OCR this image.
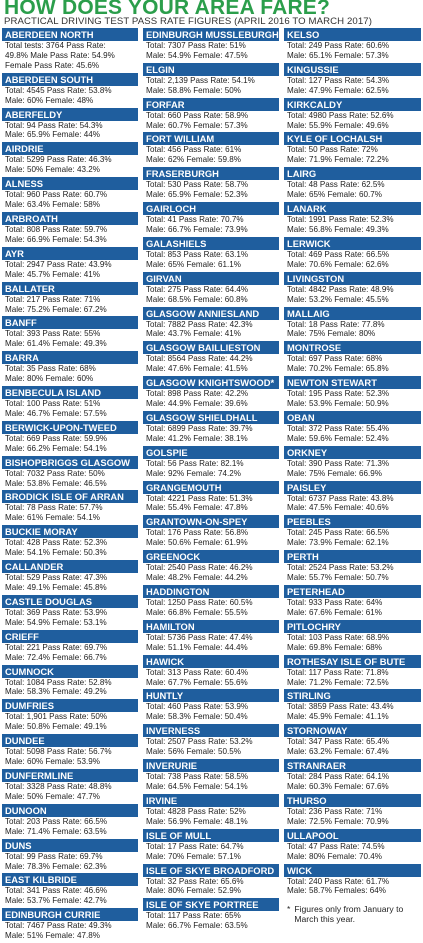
HOW DOES YOUR AREA FARE?
PRACTICAL DRIVING TEST PASS RATE FIGURES (APRIL 2016 TO MARCH 2017)
ABERDEEN NORTH
Total tests: 3764 Pass Rate:
49.8% Male Pass Rate: 54.9%
Female Pass Rate: 45.6%
ABERDEEN SOUTH
Total: 4545 Pass Rate: 53.8%
Male: 60% Female: 48%
ABERFELDY
Total: 94 Pass Rate: 54.3%
Male: 65.9% Female: 44%
AIRDRIE
Total: 5299 Pass Rate: 46.3%
Male: 50% Female: 43.2%
ALNESS
Total: 960 Pass Rate: 60.7%
Male: 63.4% Female: 58%
ARBROATH
Total: 808 Pass Rate: 59.7%
Male: 66.9% Female: 54.3%
AYR
Total: 2947 Pass Rate: 43.9%
Male: 45.7% Female: 41%
BALLATER
Total: 217 Pass Rate: 71%
Male: 75.2% Female: 67.2%
BANFF
Total: 393 Pass Rate: 55%
Male: 61.4% Female: 49.3%
BARRA
Total: 35 Pass Rate: 68%
Male: 80% Female: 60%
BENBECULA ISLAND
Total: 100 Pass Rate: 51%
Male: 46.7% Female: 57.5%
BERWICK-UPON-TWEED
Total: 669 Pass Rate: 59.9%
Male: 66.2% Female: 54.1%
BISHOPBRIGGS GLASGOW
Total: 7032 Pass Rate: 50%
Male: 53.8% Female: 46.5%
BRODICK ISLE OF ARRAN
Total: 78 Pass Rate: 57.7%
Male: 61% Female: 54.1%
BUCKIE MORAY
Total: 428 Pass Rate: 52.3%
Male: 54.1% Female: 50.3%
CALLANDER
Total: 529 Pass Rate: 47.3%
Male: 49.1% Female: 45.8%
CASTLE DOUGLAS
Total: 369 Pass Rate: 53.9%
Male: 54.9% Female: 53.1%
CRIEFF
Total: 221 Pass Rate: 69.7%
Male: 72.4% Female: 66.7%
CUMNOCK
Total: 1084 Pass Rate: 52.8%
Male: 58.3% Female: 49.2%
DUMFRIES
Total: 1,901 Pass Rate: 50%
Male: 50.8% Female: 49.1%
DUNDEE
Total: 5098 Pass Rate: 56.7%
Male: 60% Female: 53.9%
DUNFERMLINE
Total: 3328 Pass Rate: 48.8%
Male: 50% Female: 47.7%
DUNOON
Total: 203 Pass Rate: 66.5%
Male: 71.4% Female: 63.5%
DUNS
Total: 99 Pass Rate: 69.7%
Male: 78.3% Female: 62.3%
EAST KILBRIDE
Total: 341 Pass Rate: 46.6%
Male: 53.7% Female: 42.7%
EDINBURGH CURRIE
Total: 7467 Pass Rate: 49.3%
Male: 51% Female: 47.8%
EDINBURGH MUSSLEBURGH
Total: 7307 Pass Rate: 51%
Male: 54.9% Female: 47.5%
ELGIN
Total: 2,139 Pass Rate: 54.1%
Male: 58.8% Female: 50%
FORFAR
Total: 660 Pass Rate: 58.9%
Male: 60.7% Female: 57.3%
FORT WILLIAM
Total: 456 Pass Rate: 61%
Male: 62% Female: 59.8%
FRASERBURGH
Total: 530 Pass Rate: 58.7%
Male: 65.9% Female: 52.3%
GAIRLOCH
Total: 41 Pass Rate: 70.7%
Male: 66.7% Female: 73.9%
GALASHIELS
Total: 853 Pass Rate: 63.1%
Male: 65% Female: 61.1%
GIRVAN
Total: 275 Pass Rate: 64.4%
Male: 68.5% Female: 60.8%
GLASGOW ANNIESLAND
Total: 7882 Pass Rate: 42.3%
Male: 43.7% Female: 41%
GLASGOW BAILLIESTON
Total: 8564 Pass Rate: 44.2%
Male: 47.6% Female: 41.5%
GLASGOW KNIGHTSWOOD*
Total: 898 Pass Rate: 42.2%
Male: 44.9% Female: 39.6%
GLASGOW SHIELDHALL
Total: 6899 Pass Rate: 39.7%
Male: 41.2% Female: 38.1%
GOLSPIE
Total: 56 Pass Rate: 82.1%
Male: 92% Female: 74.2%
GRANGEMOUTH
Total: 4221 Pass Rate: 51.3%
Male: 55.4% Female: 47.8%
GRANTOWN-ON-SPEY
Total: 176 Pass Rate: 56.8%
Male: 50.6% Female: 61.9%
GREENOCK
Total: 2540 Pass Rate: 46.2%
Male: 48.2% Female: 44.2%
HADDINGTON
Total: 1250 Pass Rate: 60.5%
Male: 66.8% Female: 55.5%
HAMILTON
Total: 5736 Pass Rate: 47.4%
Male: 51.1% Female: 44.4%
HAWICK
Total: 313 Pass Rate: 60.4%
Male: 67.7% Female: 55.6%
HUNTLY
Total: 460 Pass Rate: 53.9%
Male: 58.3% Female: 50.4%
INVERNESS
Total: 2507 Pass Rate: 53.2%
Male: 56% Female: 50.5%
INVERURIE
Total: 738 Pass Rate: 58.5%
Male: 64.5% Female: 54.1%
IRVINE
Total: 4828 Pass Rate: 52%
Male: 56.9% Female: 48.1%
ISLE OF MULL
Total: 17 Pass Rate: 64.7%
Male: 70% Female: 57.1%
ISLE OF SKYE BROADFORD
Total: 32 Pass Rate: 65.6%
Male: 80% Female: 52.9%
ISLE OF SKYE PORTREE
Total: 117 Pass Rate: 65%
Male: 66.7% Female: 63.5%
KELSO
Total: 249 Pass Rate: 60.6%
Male: 65.1% Female: 57.3%
KINGUSSIE
Total: 127 Pass Rate: 54.3%
Male: 47.9% Female: 62.5%
KIRKCALDY
Total: 4980 Pass Rate: 52.6%
Male: 55.9% Female: 49.6%
KYLE OF LOCHALSH
Total: 50 Pass Rate: 72%
Male: 71.9% Female: 72.2%
LAIRG
Total: 48 Pass Rate: 62.5%
Male: 65% Female: 60.7%
LANARK
Total: 1991 Pass Rate: 52.3%
Male: 56.8% Female: 49.3%
LERWICK
Total: 469 Pass Rate: 66.5%
Male: 70.6% Female: 62.6%
LIVINGSTON
Total: 4842 Pass Rate: 48.9%
Male: 53.2% Female: 45.5%
MALLAIG
Total: 18 Pass Rate: 77.8%
Male: 75% Female: 80%
MONTROSE
Total: 697 Pass Rate: 68%
Male: 70.2% Female: 65.8%
NEWTON STEWART
Total: 195 Pass Rate: 52.3%
Male: 53.9% Female: 50.9%
OBAN
Total: 372 Pass Rate: 55.4%
Male: 59.6% Female: 52.4%
ORKNEY
Total: 390 Pass Rate: 71.3%
Male: 75% Female: 66.9%
PAISLEY
Total: 6737 Pass Rate: 43.8%
Male: 47.5% Female: 40.6%
PEEBLES
Total: 245 Pass Rate: 66.5%
Male: 73.9% Female: 62.1%
PERTH
Total: 2524 Pass Rate: 53.2%
Male: 55.7% Female: 50.7%
PETERHEAD
Total: 933 Pass Rate: 64%
Male: 67.6% Female: 61%
PITLOCHRY
Total: 103 Pass Rate: 68.9%
Male: 69.8% Female: 68%
ROTHESAY ISLE OF BUTE
Total: 117 Pass Rate: 71.8%
Male: 71.2% Female: 72.5%
STIRLING
Total: 3859 Pass Rate: 43.4%
Male: 45.9% Female: 41.1%
STORNOWAY
Total: 347 Pass Rate: 65.4%
Male: 63.2% Female: 67.4%
STRANRAER
Total: 284 Pass Rate: 64.1%
Male: 60.3% Female: 67.6%
THURSO
Total: 236 Pass Rate: 71%
Male: 72.5% Female: 70.9%
ULLAPOOL
Total: 47 Pass Rate: 74.5%
Male: 80% Female: 70.4%
WICK
Total: 240 Pass Rate: 61.7%
Male: 58.7% Females: 64%
* Figures only from January to March this year.
